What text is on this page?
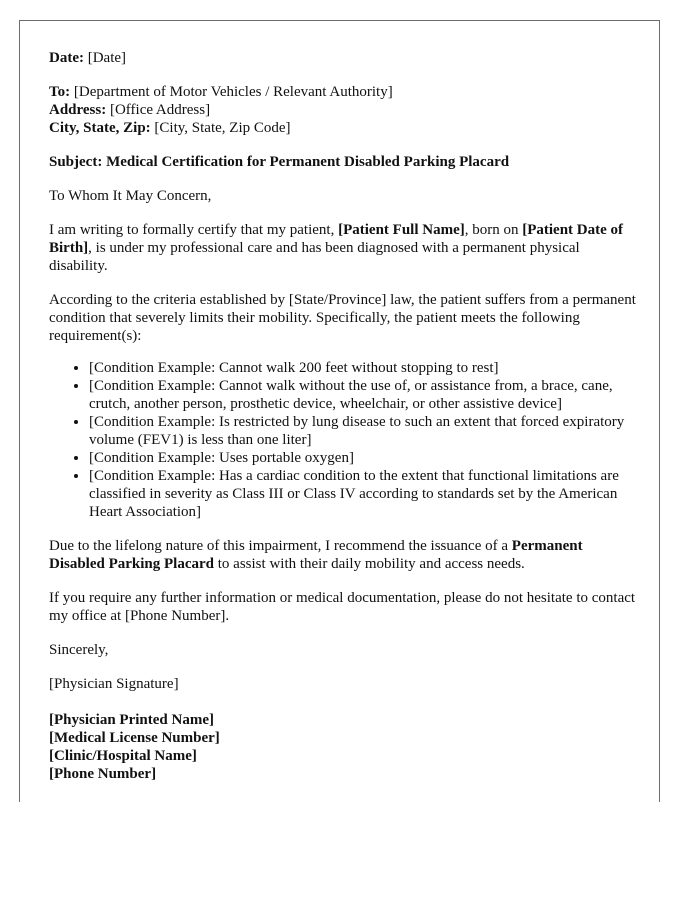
Date: [Date]

To: [Department of Motor Vehicles / Relevant Authority]
Address: [Office Address]
City, State, Zip: [City, State, Zip Code]

Subject: Medical Certification for Permanent Disabled Parking Placard

To Whom It May Concern,

I am writing to formally certify that my patient, [Patient Full Name], born on [Patient Date of Birth], is under my professional care and has been diagnosed with a permanent physical disability.

According to the criteria established by [State/Province] law, the patient suffers from a permanent condition that severely limits their mobility. Specifically, the patient meets the following requirement(s):

• [Condition Example: Cannot walk 200 feet without stopping to rest]
• [Condition Example: Cannot walk without the use of, or assistance from, a brace, cane, crutch, another person, prosthetic device, wheelchair, or other assistive device]
• [Condition Example: Is restricted by lung disease to such an extent that forced expiratory volume (FEV1) is less than one liter]
• [Condition Example: Uses portable oxygen]
• [Condition Example: Has a cardiac condition to the extent that functional limitations are classified in severity as Class III or Class IV according to standards set by the American Heart Association]

Due to the lifelong nature of this impairment, I recommend the issuance of a Permanent Disabled Parking Placard to assist with their daily mobility and access needs.

If you require any further information or medical documentation, please do not hesitate to contact my office at [Phone Number].

Sincerely,

[Physician Signature]

[Physician Printed Name]
[Medical License Number]
[Clinic/Hospital Name]
[Phone Number]
